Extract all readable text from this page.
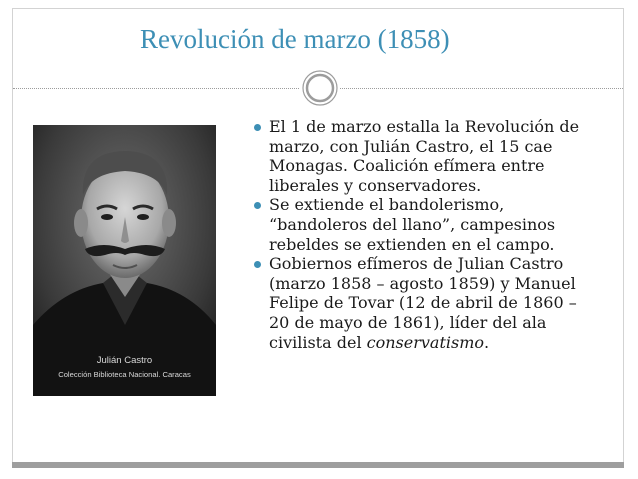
Revolución de marzo (1858)
Julián Castro
Colección Biblioteca Nacional. Caracas
El 1 de marzo estalla la Revolución de marzo, con Julián Castro, el 15 cae Monagas. Coalición efímera entre liberales y conservadores.
Se extiende el bandolerismo, “bandoleros del llano”, campesinos rebeldes se extienden en el campo.
Gobiernos efímeros de Julian Castro (marzo 1858 – agosto 1859) y Manuel Felipe de Tovar (12 de abril de 1860 – 20 de mayo de 1861), líder del ala civilista del conservatismo.
